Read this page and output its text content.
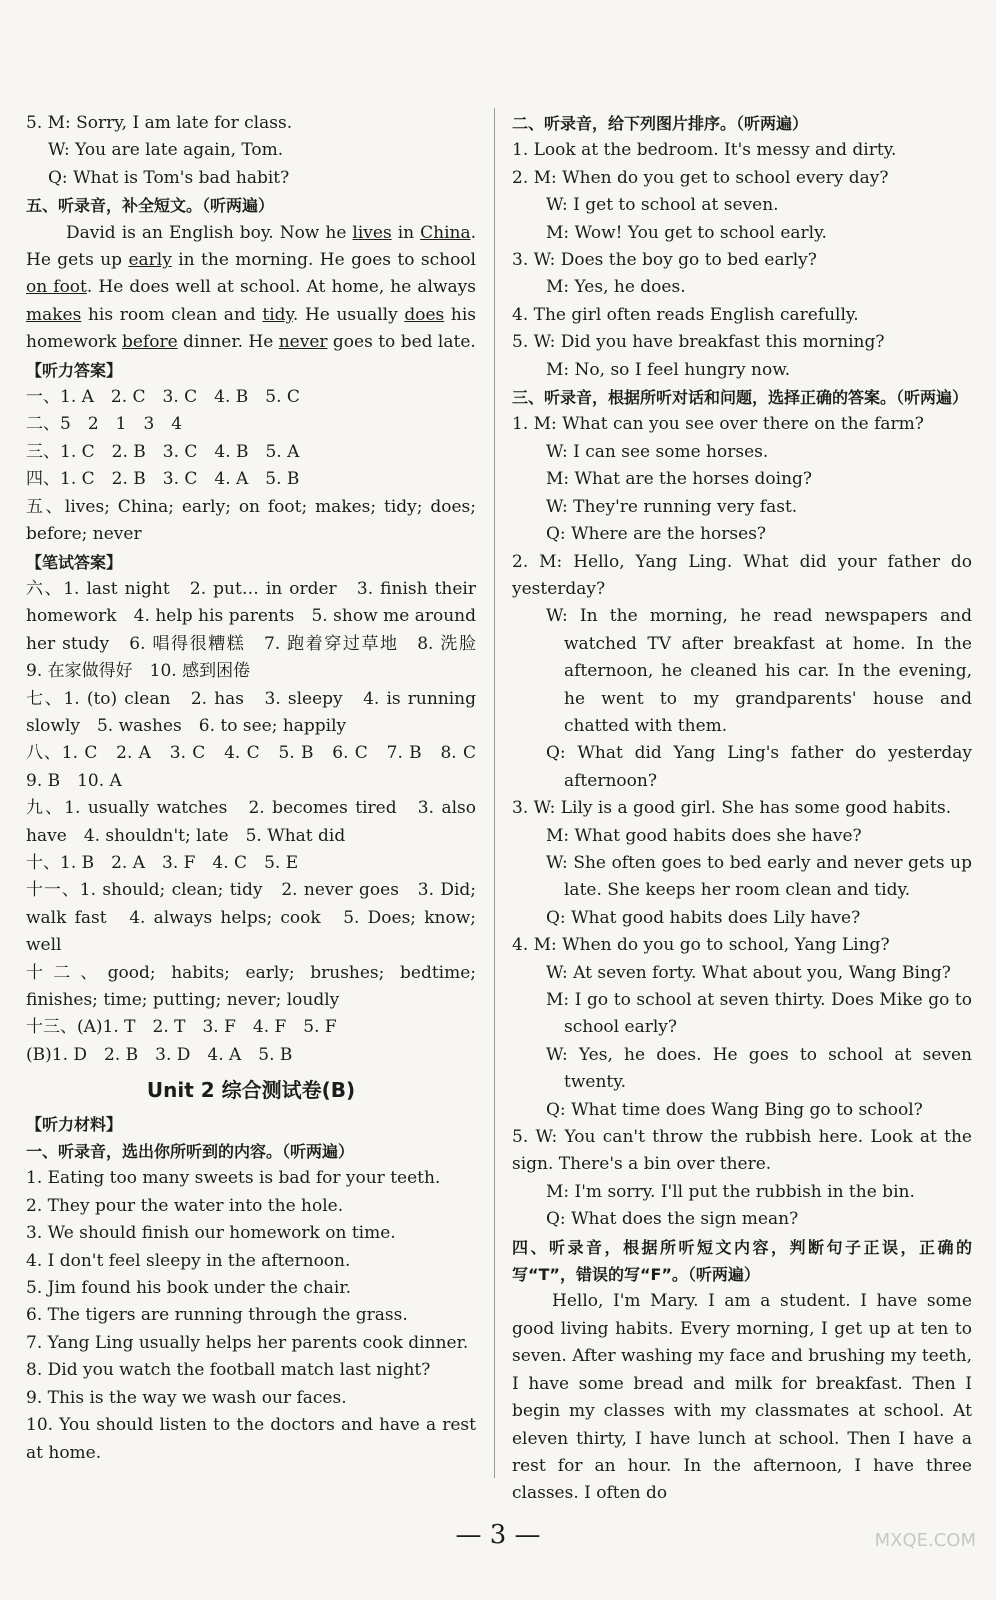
5. M: Sorry, I am late for class.
W: You are late again, Tom.
Q: What is Tom's bad habit?
五、听录音，补全短文。（听两遍）
David is an English boy. Now he lives in China. He gets up early in the morning. He goes to school on foot. He does well at school. At home, he always makes his room clean and tidy. He usually does his homework before dinner. He never goes to bed late.
【听力答案】
一、1. A　2. C　3. C　4. B　5. C
二、5　2　1　3　4
三、1. C　2. B　3. C　4. B　5. A
四、1. C　2. B　3. C　4. A　5. B
五、lives; China; early; on foot; makes; tidy; does; before; never
【笔试答案】
六、1. last night　2. put… in order　3. finish their homework　4. help his parents　5. show me around her study　6. 唱得很糟糕　7. 跑着穿过草地　8. 洗脸　9. 在家做得好　10. 感到困倦
七、1. (to) clean　2. has　3. sleepy　4. is running slowly　5. washes　6. to see; happily
八、1. C　2. A　3. C　4. C　5. B　6. C　7. B　8. C　9. B　10. A
九、1. usually watches　2. becomes tired　3. also have　4. shouldn't; late　5. What did
十、1. B　2. A　3. F　4. C　5. E
十一、1. should; clean; tidy　2. never goes　3. Did; walk fast　4. always helps; cook　5. Does; know; well
十二、good; habits; early; brushes; bedtime; finishes; time; putting; never; loudly
十三、(A)1. T　2. T　3. F　4. F　5. F
(B)1. D　2. B　3. D　4. A　5. B
Unit 2 综合测试卷(B)
【听力材料】
一、听录音，选出你所听到的内容。（听两遍）
1. Eating too many sweets is bad for your teeth.
2. They pour the water into the hole.
3. We should finish our homework on time.
4. I don't feel sleepy in the afternoon.
5. Jim found his book under the chair.
6. The tigers are running through the grass.
7. Yang Ling usually helps her parents cook dinner.
8. Did you watch the football match last night?
9. This is the way we wash our faces.
10. You should listen to the doctors and have a rest at home.
二、听录音，给下列图片排序。（听两遍）
1. Look at the bedroom. It's messy and dirty.
2. M: When do you get to school every day?
W: I get to school at seven.
M: Wow! You get to school early.
3. W: Does the boy go to bed early?
M: Yes, he does.
4. The girl often reads English carefully.
5. W: Did you have breakfast this morning?
M: No, so I feel hungry now.
三、听录音，根据所听对话和问题，选择正确的答案。（听两遍）
1. M: What can you see over there on the farm?
W: I can see some horses.
M: What are the horses doing?
W: They're running very fast.
Q: Where are the horses?
2. M: Hello, Yang Ling. What did your father do yesterday?
W: In the morning, he read newspapers and watched TV after breakfast at home. In the afternoon, he cleaned his car. In the evening, he went to my grandparents' house and chatted with them.
Q: What did Yang Ling's father do yesterday afternoon?
3. W: Lily is a good girl. She has some good habits.
M: What good habits does she have?
W: She often goes to bed early and never gets up late. She keeps her room clean and tidy.
Q: What good habits does Lily have?
4. M: When do you go to school, Yang Ling?
W: At seven forty. What about you, Wang Bing?
M: I go to school at seven thirty. Does Mike go to school early?
W: Yes, he does. He goes to school at seven twenty.
Q: What time does Wang Bing go to school?
5. W: You can't throw the rubbish here. Look at the sign. There's a bin over there.
M: I'm sorry. I'll put the rubbish in the bin.
Q: What does the sign mean?
四、听录音，根据所听短文内容，判断句子正误，正确的写“T”，错误的写“F”。（听两遍）
Hello, I'm Mary. I am a student. I have some good living habits. Every morning, I get up at ten to seven. After washing my face and brushing my teeth, I have some bread and milk for breakfast. Then I begin my classes with my classmates at school. At eleven thirty, I have lunch at school. Then I have a rest for an hour. In the afternoon, I have three classes. I often do
— 3 —	MXQE.COM
